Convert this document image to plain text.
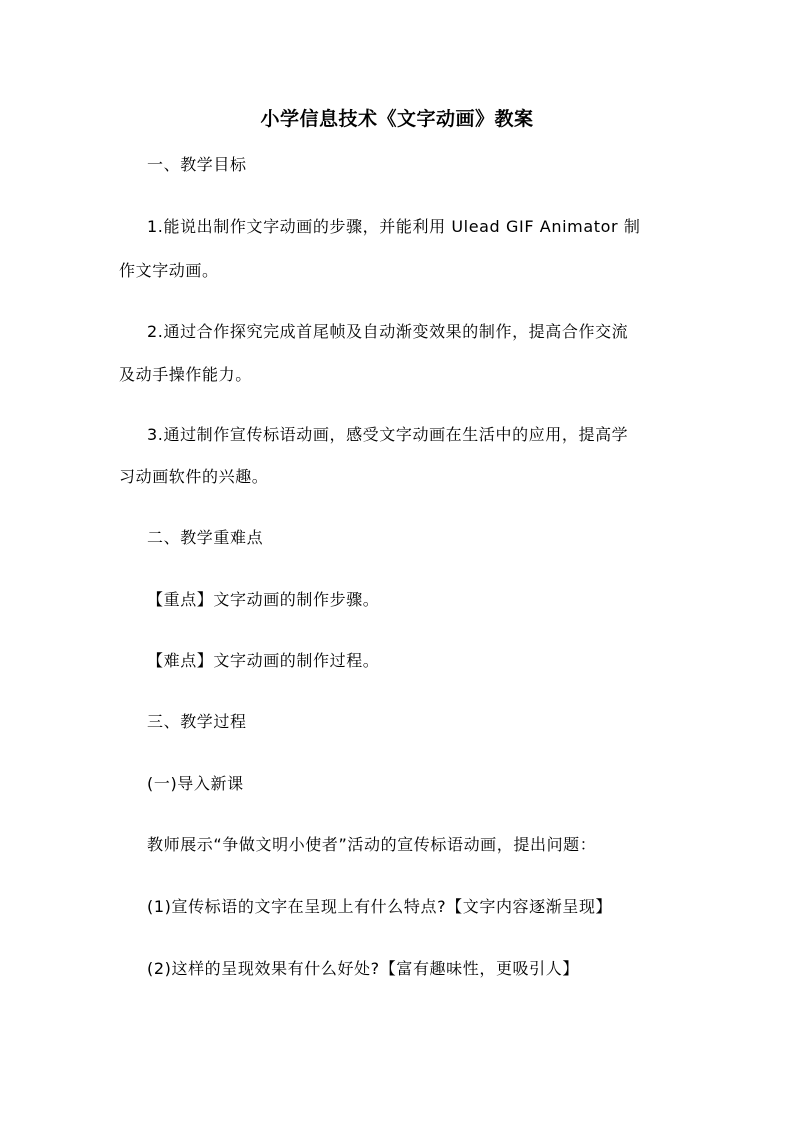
小学信息技术《文字动画》教案
一、教学目标
1.能说出制作文字动画的步骤，并能利用 Ulead GIF Animator 制
作文字动画。
2.通过合作探究完成首尾帧及自动渐变效果的制作，提高合作交流
及动手操作能力。
3.通过制作宣传标语动画，感受文字动画在生活中的应用，提高学
习动画软件的兴趣。
二、教学重难点
【重点】文字动画的制作步骤。
【难点】文字动画的制作过程。
三、教学过程
(一)导入新课
教师展示“争做文明小使者”活动的宣传标语动画，提出问题：
(1)宣传标语的文字在呈现上有什么特点?【文字内容逐渐呈现】
(2)这样的呈现效果有什么好处?【富有趣味性，更吸引人】
